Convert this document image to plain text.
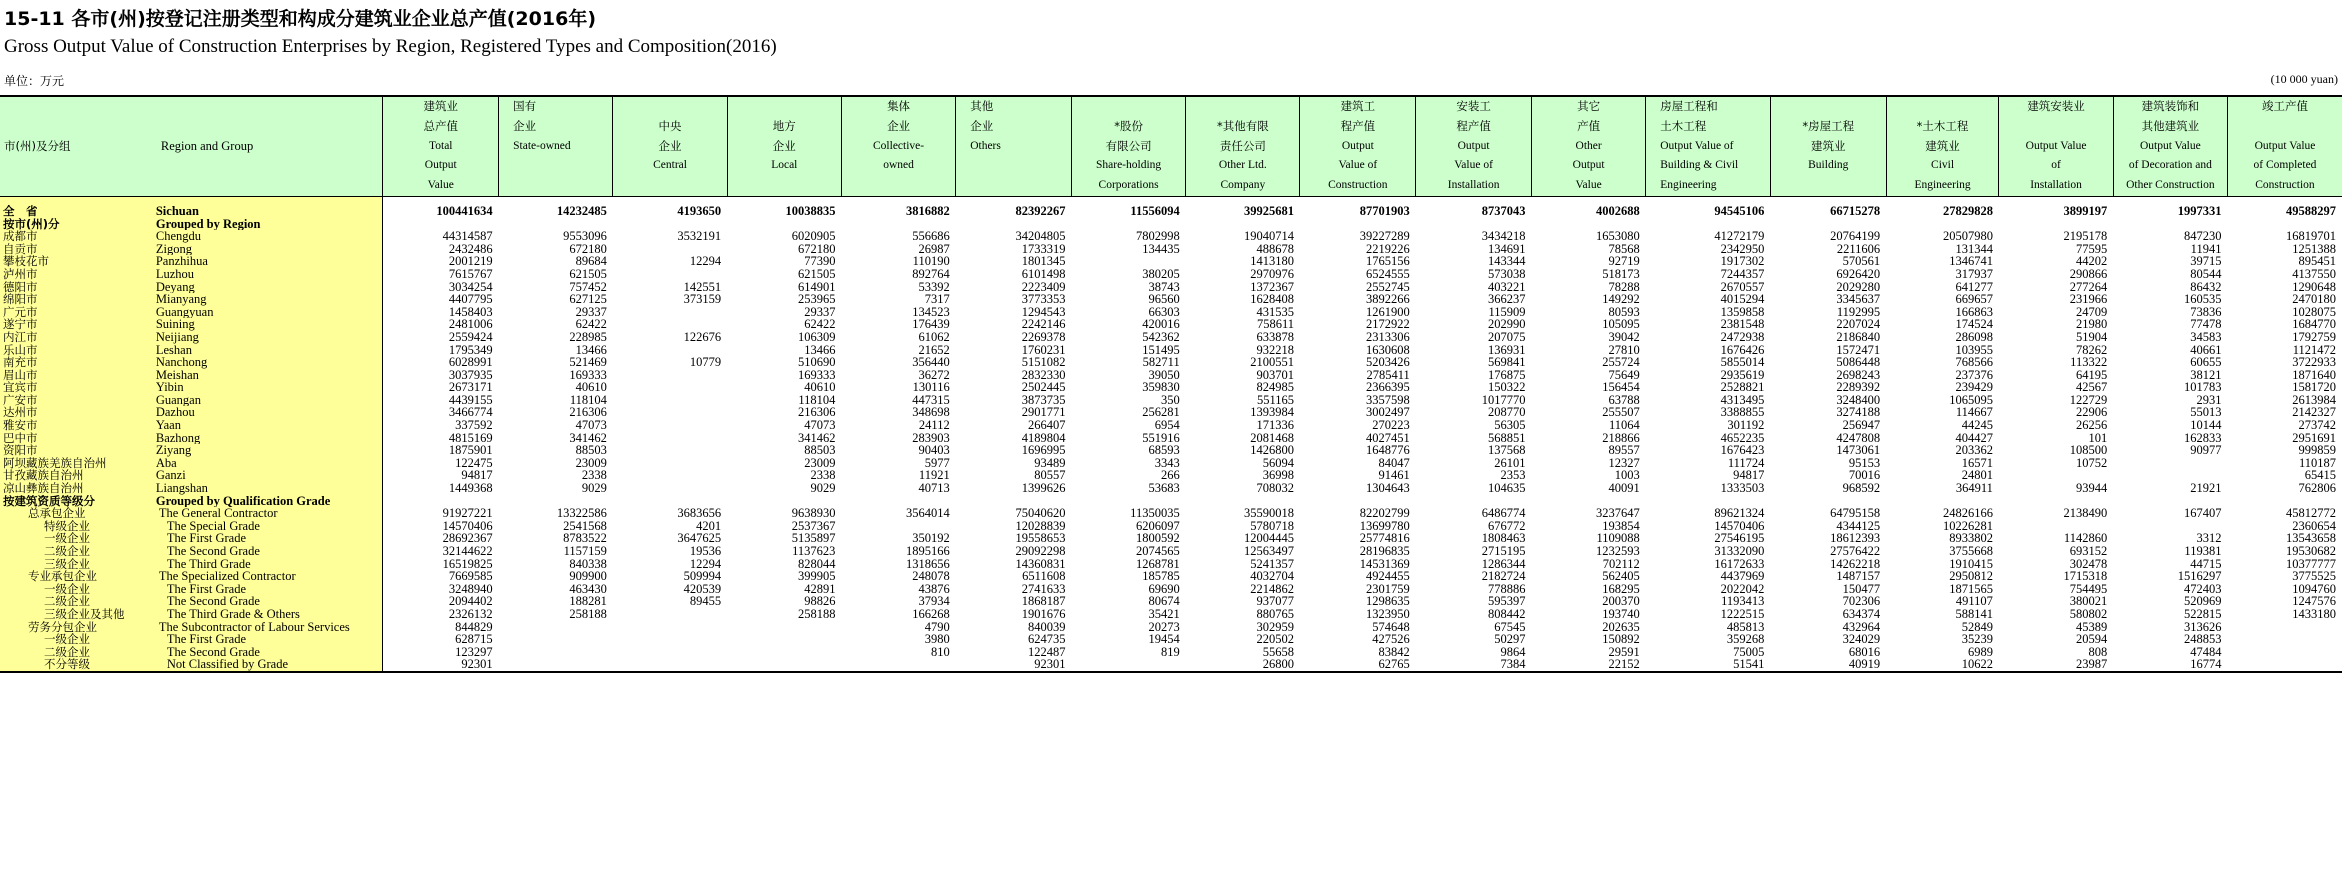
15-11 各市(州)按登记注册类型和构成分建筑业企业总产值(2016年)
Gross Output Value of Construction Enterprises by Region, Registered Types and Composition(2016)
单位：万元	(10 000 yuan)
市(州)及分组	Region and Group	建筑业
总产值
Total
Output
Value	国有
企业
State-owned	中央
企业
Central	地方
企业
Local	集体
企业
Collective-
owned	其他
企业
Others	*股份
有限公司
Share-holding
Corporations	*其他有限
责任公司
Other Ltd.
Company	建筑工
程产值
Output
Value of
Construction	安装工
程产值
Output
Value of
Installation	其它
产值
Other
Output
Value	房屋工程和
土木工程
Output Value of
Building & Civil
Engineering	*房屋工程
建筑业
Building	*土木工程
建筑业
Civil
Engineering	建筑安装业

Output Value
of
Installation	建筑装饰和
其他建筑业
Output Value
of Decoration and
Other Construction	竣工产值

Output Value
of Completed
Construction

全　省	Sichuan	100441634	14232485	4193650	10038835	3816882	82392267	11556094	39925681	87701903	8737043	4002688	94545106	66715278	27829828	3899197	1997331	49588297
按市(州)分	Grouped by Region																	
成都市	Chengdu	44314587	9553096	3532191	6020905	556686	34204805	7802998	19040714	39227289	3434218	1653080	41272179	20764199	20507980	2195178	847230	16819701
自贡市	Zigong	2432486	672180		672180	26987	1733319	134435	488678	2219226	134691	78568	2342950	2211606	131344	77595	11941	1251388
攀枝花市	Panzhihua	2001219	89684	12294	77390	110190	1801345		1413180	1765156	143344	92719	1917302	570561	1346741	44202	39715	895451
泸州市	Luzhou	7615767	621505		621505	892764	6101498	380205	2970976	6524555	573038	518173	7244357	6926420	317937	290866	80544	4137550
德阳市	Deyang	3034254	757452	142551	614901	53392	2223409	38743	1372367	2552745	403221	78288	2670557	2029280	641277	277264	86432	1290648
绵阳市	Mianyang	4407795	627125	373159	253965	7317	3773353	96560	1628408	3892266	366237	149292	4015294	3345637	669657	231966	160535	2470180
广元市	Guangyuan	1458403	29337		29337	134523	1294543	66303	431535	1261900	115909	80593	1359858	1192995	166863	24709	73836	1028075
遂宁市	Suining	2481006	62422		62422	176439	2242146	420016	758611	2172922	202990	105095	2381548	2207024	174524	21980	77478	1684770
内江市	Neijiang	2559424	228985	122676	106309	61062	2269378	542362	633878	2313306	207075	39042	2472938	2186840	286098	51904	34583	1792759
乐山市	Leshan	1795349	13466		13466	21652	1760231	151495	932218	1630608	136931	27810	1676426	1572471	103955	78262	40661	1121472
南充市	Nanchong	6028991	521469	10779	510690	356440	5151082	582711	2100551	5203426	569841	255724	5855014	5086448	768566	113322	60655	3722933
眉山市	Meishan	3037935	169333		169333	36272	2832330	39050	903701	2785411	176875	75649	2935619	2698243	237376	64195	38121	1871640
宜宾市	Yibin	2673171	40610		40610	130116	2502445	359830	824985	2366395	150322	156454	2528821	2289392	239429	42567	101783	1581720
广安市	Guangan	4439155	118104		118104	447315	3873735	350	551165	3357598	1017770	63788	4313495	3248400	1065095	122729	2931	2613984
达州市	Dazhou	3466774	216306		216306	348698	2901771	256281	1393984	3002497	208770	255507	3388855	3274188	114667	22906	55013	2142327
雅安市	Yaan	337592	47073		47073	24112	266407	6954	171336	270223	56305	11064	301192	256947	44245	26256	10144	273742
巴中市	Bazhong	4815169	341462		341462	283903	4189804	551916	2081468	4027451	568851	218866	4652235	4247808	404427	101	162833	2951691
资阳市	Ziyang	1875901	88503		88503	90403	1696995	68593	1426800	1648776	137568	89557	1676423	1473061	203362	108500	90977	999859
阿坝藏族羌族自治州	Aba	122475	23009		23009	5977	93489	3343	56094	84047	26101	12327	111724	95153	16571	10752		110187
甘孜藏族自治州	Ganzi	94817	2338		2338	11921	80557	266	36998	91461	2353	1003	94817	70016	24801			65415
凉山彝族自治州	Liangshan	1449368	9029		9029	40713	1399626	53683	708032	1304643	104635	40091	1333503	968592	364911	93944	21921	762806
按建筑资质等级分	Grouped by Qualification Grade																	
总承包企业	The General Contractor	91927221	13322586	3683656	9638930	3564014	75040620	11350035	35590018	82202799	6486774	3237647	89621324	64795158	24826166	2138490	167407	45812772
特级企业	The Special Grade	14570406	2541568	4201	2537367		12028839	6206097	5780718	13699780	676772	193854	14570406	4344125	10226281			2360654
一级企业	The First Grade	28692367	8783522	3647625	5135897	350192	19558653	1800592	12004445	25774816	1808463	1109088	27546195	18612393	8933802	1142860	3312	13543658
二级企业	The Second Grade	32144622	1157159	19536	1137623	1895166	29092298	2074565	12563497	28196835	2715195	1232593	31332090	27576422	3755668	693152	119381	19530682
三级企业	The Third Grade	16519825	840338	12294	828044	1318656	14360831	1268781	5241357	14531369	1286344	702112	16172633	14262218	1910415	302478	44715	10377777
专业承包企业	The Specialized Contractor	7669585	909900	509994	399905	248078	6511608	185785	4032704	4924455	2182724	562405	4437969	1487157	2950812	1715318	1516297	3775525
一级企业	The First Grade	3248940	463430	420539	42891	43876	2741633	69690	2214862	2301759	778886	168295	2022042	150477	1871565	754495	472403	1094760
二级企业	The Second Grade	2094402	188281	89455	98826	37934	1868187	80674	937077	1298635	595397	200370	1193413	702306	491107	380021	520969	1247576
三级企业及其他	The Third Grade & Others	2326132	258188		258188	166268	1901676	35421	880765	1323950	808442	193740	1222515	634374	588141	580802	522815	1433180
劳务分包企业	The Subcontractor of Labour Services	844829				4790	840039	20273	302959	574648	67545	202635	485813	432964	52849	45389	313626	
一级企业	The First Grade	628715				3980	624735	19454	220502	427526	50297	150892	359268	324029	35239	20594	248853	
二级企业	The Second Grade	123297				810	122487	819	55658	83842	9864	29591	75005	68016	6989	808	47484	
不分等级	Not Classified by Grade	92301					92301		26800	62765	7384	22152	51541	40919	10622	23987	16774	
